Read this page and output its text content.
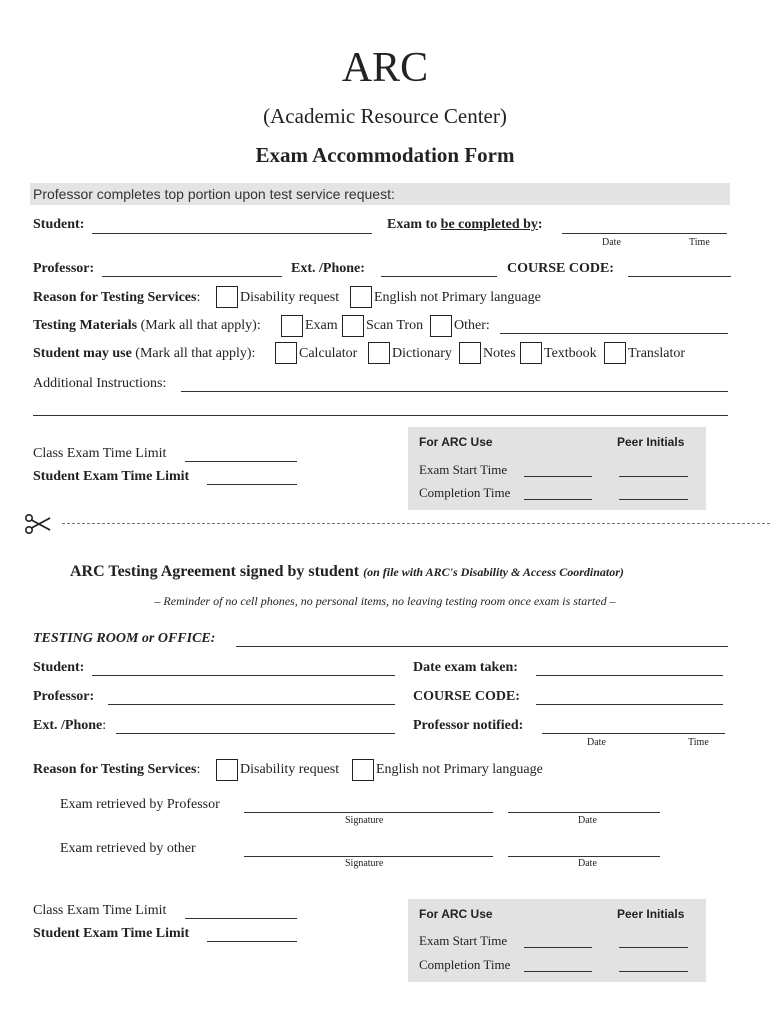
ARC
(Academic Resource Center)
Exam Accommodation Form
Professor completes top portion upon test service request:
Student:	Exam to be completed by:
Date	Time
Professor:	Ext. /Phone:	COURSE CODE:
Reason for Testing Services:	Disability request English not Primary language
Testing Materials (Mark all that apply):	Exam Scan Tron Other:
Student may use (Mark all that apply):	Calculator Dictionary Notes Textbook Translator
Additional Instructions:
Class Exam Time Limit
Student Exam Time Limit
For ARC Use	Peer Initials
Exam Start Time
Completion Time
ARC Testing Agreement signed by student (on file with ARC's Disability & Access Coordinator)
– Reminder of no cell phones, no personal items, no leaving testing room once exam is started –
TESTING ROOM or OFFICE:
Student:	Date exam taken:
Professor:	COURSE CODE:
Ext. /Phone:	Professor notified:
Date	Time
Reason for Testing Services:	Disability request	English not Primary language
Exam retrieved by Professor
Signature	Date
Exam retrieved by other
Signature	Date
Class Exam Time Limit
Student Exam Time Limit
For ARC Use	Peer Initials
Exam Start Time
Completion Time
